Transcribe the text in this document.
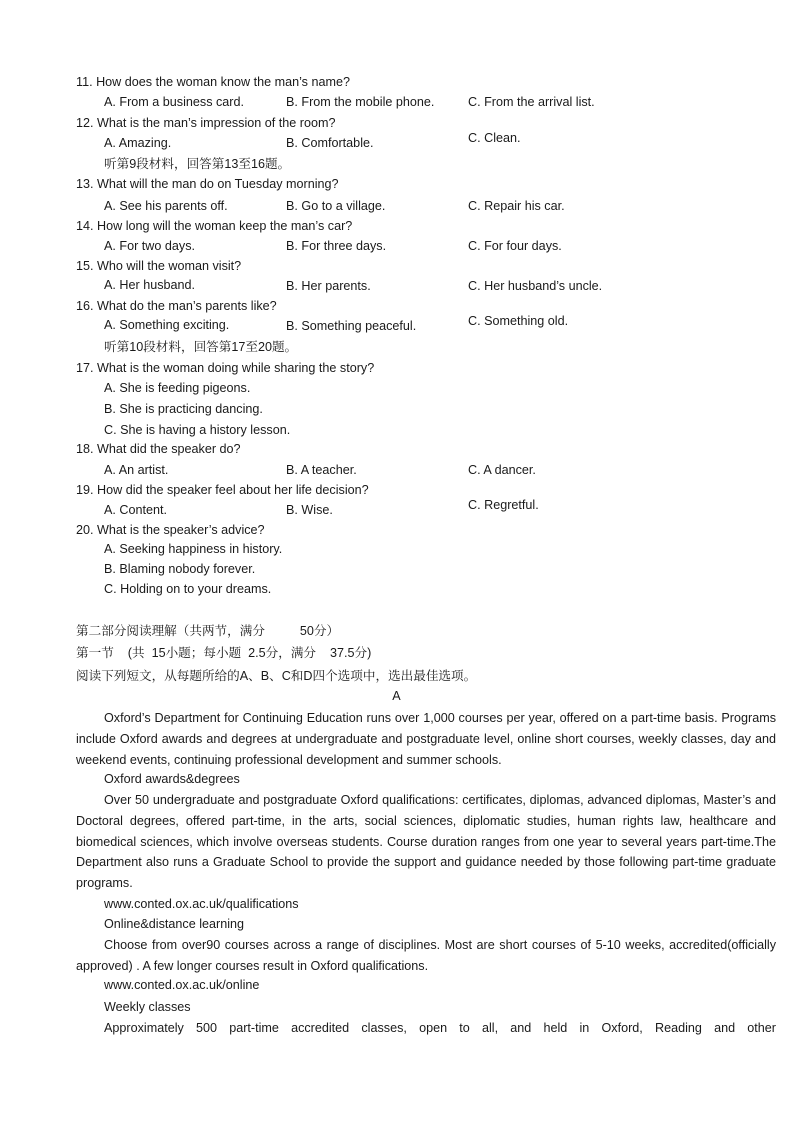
11. How does the woman know the man’s name?
A. From a business card.	B. From the mobile phone.	C. From the arrival list.
12. What is the man’s impression of the room?
A. Amazing.	B. Comfortable.	C. Clean.
听第9段材料，回答第13至16题。
13. What will the man do on Tuesday morning?
A. See his parents off.	B. Go to a village.	C. Repair his car.
14. How long will the woman keep the man’s car?
A. For two days.	B. For three days.	C. For four days.
15. Who will the woman visit?
A. Her husband.	B. Her parents.	C. Her husband’s uncle.
16. What do the man’s parents like?
A. Something exciting.	B. Something peaceful.	C. Something old.
听第10段材料，回答第17至20题。
17. What is the woman doing while sharing the story?
A. She is feeding pigeons.
B. She is practicing dancing.
C. She is having a history lesson.
18. What did the speaker do?
A. An artist.	B. A teacher.	C. A dancer.
19. How did the speaker feel about her life decision?
A. Content.	B. Wise.	C. Regretful.
20. What is the speaker’s advice?
A. Seeking happiness in history.
B. Blaming nobody forever.
C. Holding on to your dreams.
第二部分阅读理解（共两节，满分          50分）
第一节    (共  15小题；每小题  2.5分，满分    37.5分)
阅读下列短文，从每题所给的A、B、C和D四个选项中，选出最佳选项。
A
Oxford’s Department for Continuing Education runs over 1,000 courses per year, offered on a part-time basis. Programs include Oxford awards and degrees at undergraduate and postgraduate level, online short courses, weekly classes, day and weekend events, continuing professional development and summer schools.
Oxford awards&degrees
Over 50 undergraduate and postgraduate Oxford qualifications: certificates, diplomas, advanced diplomas, Master’s and Doctoral degrees, offered part-time, in the arts, social sciences, diplomatic studies, human rights law, healthcare and biomedical sciences, which involve overseas students. Course duration ranges from one year to several years part-time.The Department also runs a Graduate School to provide the support and guidance needed by those following part-time graduate programs.
www.conted.ox.ac.uk/qualifications
Online&distance learning
Choose from over90 courses across a range of disciplines. Most are short courses of 5-10 weeks, accredited(officially approved) . A few longer courses result in Oxford qualifications.
www.conted.ox.ac.uk/online
Weekly classes
Approximately 500 part-time accredited classes, open to all, and held in Oxford, Reading and other
